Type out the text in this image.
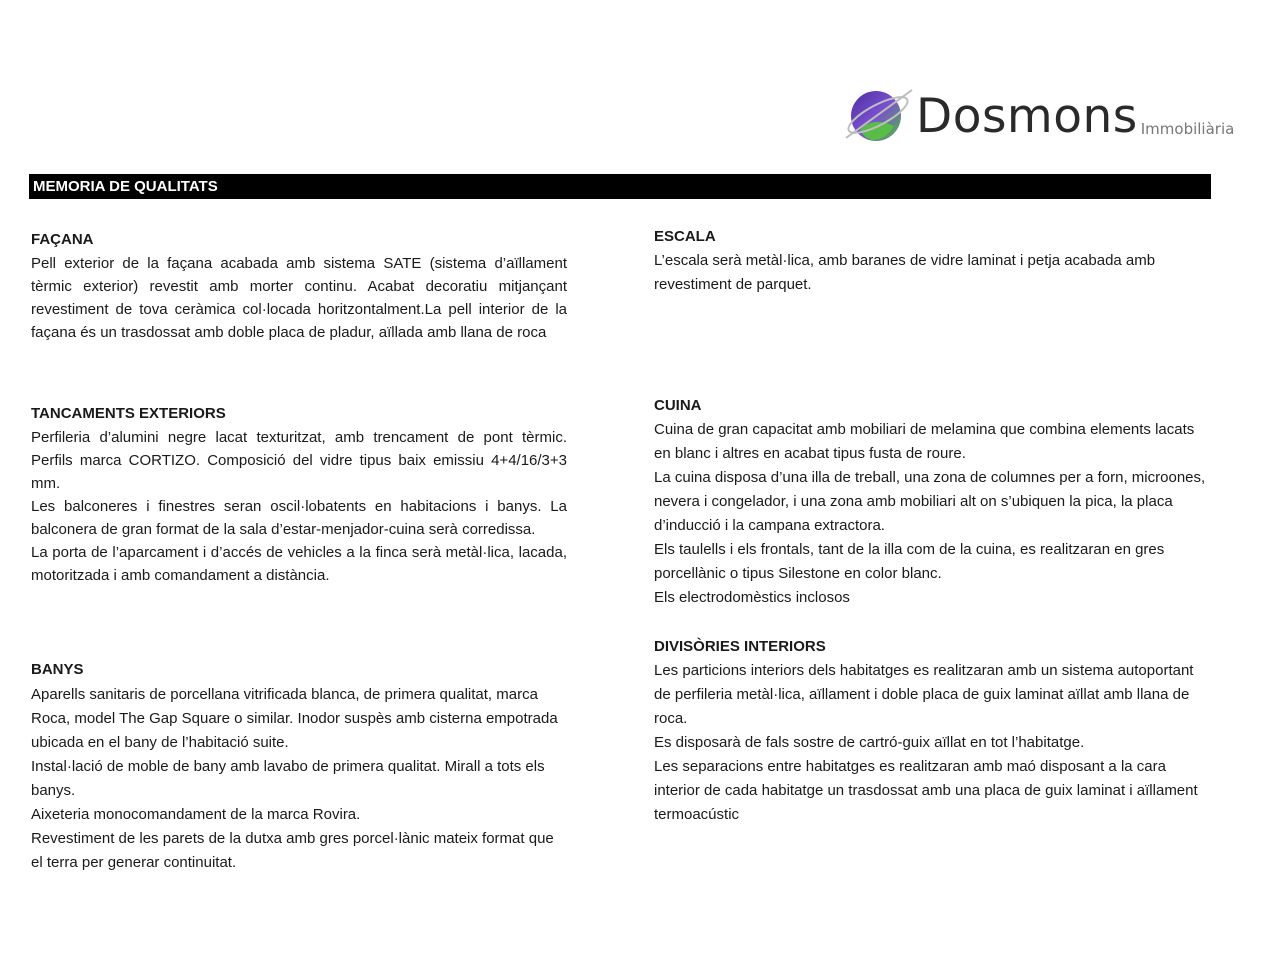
Dosmons Immobiliària
MEMORIA DE QUALITATS
FAÇANA

Pell exterior de la façana acabada amb sistema SATE (sistema d’aïllament tèrmic exterior) revestit amb morter continu. Acabat decoratiu mitjançant revestiment de tova ceràmica col·locada horitzontalment.La pell interior de la façana és un trasdossat amb doble placa de pladur, aïllada amb llana de roca

TANCAMENTS EXTERIORS

Perfileria d’alumini negre lacat texturitzat, amb trencament de pont tèrmic. Perfils marca CORTIZO. Composició del vidre tipus baix emissiu 4+4/16/3+3 mm.

Les balconeres i finestres seran oscil·lobatents en habitacions i banys. La balconera de gran format de la sala d’estar-menjador-cuina serà corredissa.

La porta de l’aparcament i d’accés de vehicles a la finca serà metàl·lica, lacada, motoritzada i amb comandament a distància.

BANYS

Aparells sanitaris de porcellana vitrificada blanca, de primera qualitat, marca Roca, model The Gap Square o similar. Inodor suspès amb cisterna empotrada ubicada en el bany de l’habitació suite.

Instal·lació de moble de bany amb lavabo de primera qualitat. Mirall a tots els banys.

Aixeteria monocomandament de la marca Rovira.

Revestiment de les parets de la dutxa amb gres porcel·lànic mateix format que el terra per generar continuitat.

ESCALA

L’escala serà metàl·lica, amb baranes de vidre laminat i petja acabada amb revestiment de parquet.

CUINA

Cuina de gran capacitat amb mobiliari de melamina que combina elements lacats en blanc i altres en acabat tipus fusta de roure.

La cuina disposa d’una illa de treball, una zona de columnes per a forn, microones, nevera i congelador, i una zona amb mobiliari alt on s’ubiquen la pica, la placa d’inducció i la campana extractora.

Els taulells i els frontals, tant de la illa com de la cuina, es realitzaran en gres porcellànic o tipus Silestone en color blanc.

Els electrodomèstics inclosos

DIVISÒRIES INTERIORS

Les particions interiors dels habitatges es realitzaran amb un sistema autoportant de perfileria metàl·lica, aïllament i doble placa de guix laminat aïllat amb llana de roca.

Es disposarà de fals sostre de cartró-guix aïllat en tot l’habitatge.

Les separacions entre habitatges es realitzaran amb maó disposant a la cara interior de cada habitatge un trasdossat amb una placa de guix laminat i aïllament termoacústic
